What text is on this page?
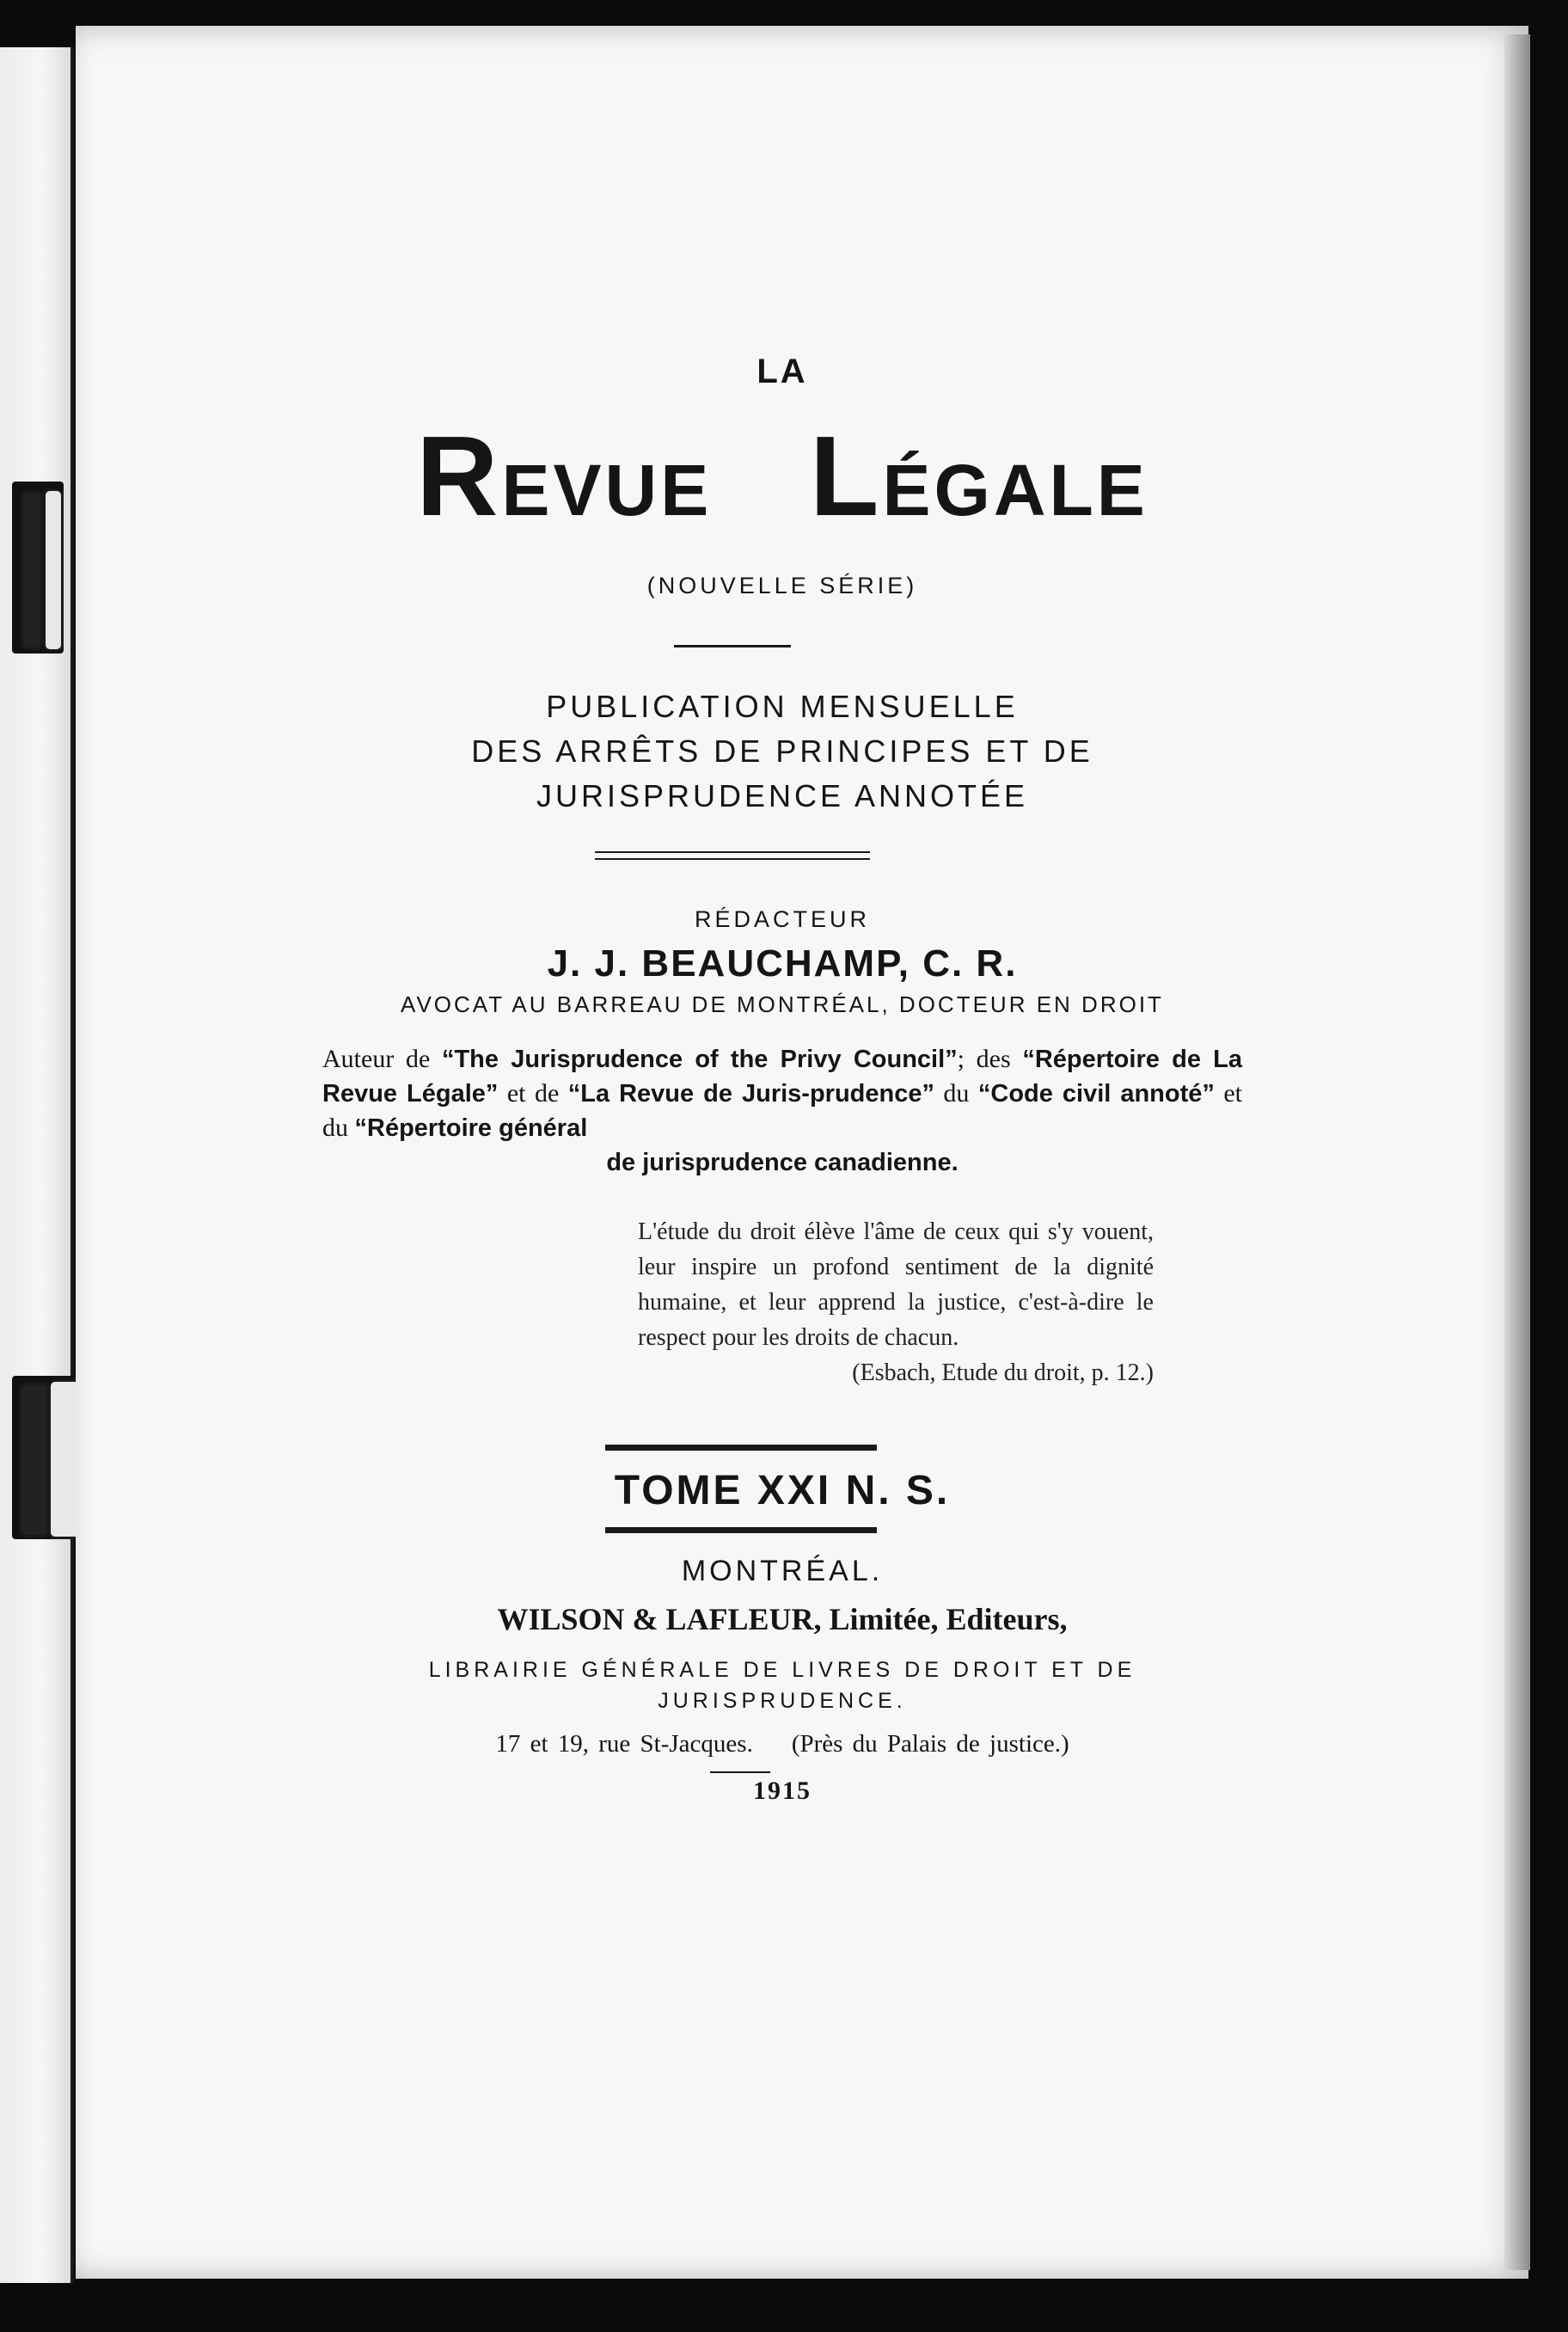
LA
REVUE LÉGALE
(NOUVELLE SÉRIE)
PUBLICATION MENSUELLE
DES ARRÊTS DE PRINCIPES ET DE
JURISPRUDENCE ANNOTÉE
RÉDACTEUR
J. J. BEAUCHAMP, C. R.
AVOCAT AU BARREAU DE MONTRÉAL, DOCTEUR EN DROIT
Auteur de “The Jurisprudence of the Privy Council”; des “Répertoire de La Revue Légale” et de “La Revue de Juris-prudence” du “Code civil annoté” et du “Répertoire général
de jurisprudence canadienne.
L'étude du droit élève l'âme de ceux qui s'y vouent, leur inspire un profond sentiment de la dignité humaine, et leur apprend la justice, c'est-à-dire le respect pour les droits de chacun.
(Esbach, Etude du droit, p. 12.)
TOME XXI N. S.
MONTRÉAL.
WILSON & LAFLEUR, Limitée, Editeurs,
LIBRAIRIE GÉNÉRALE DE LIVRES DE DROIT ET DE
JURISPRUDENCE.
17 et 19, rue St-Jacques.    (Près du Palais de justice.)
1915
